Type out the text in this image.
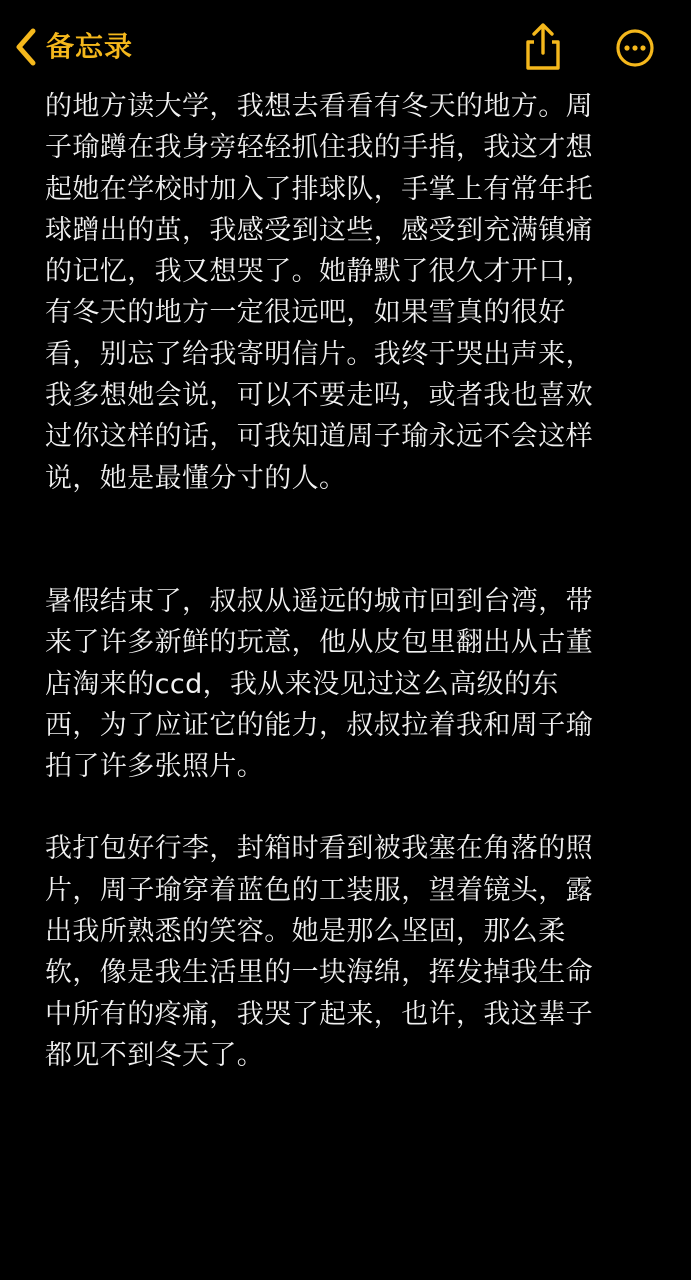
备忘录

的地方读大学，我想去看看有冬天的地方。周
子瑜蹲在我身旁轻轻抓住我的手指，我这才想
起她在学校时加入了排球队，手掌上有常年托
球蹭出的茧，我感受到这些，感受到充满镇痛
的记忆，我又想哭了。她静默了很久才开口，
有冬天的地方一定很远吧，如果雪真的很好
看，别忘了给我寄明信片。我终于哭出声来，
我多想她会说，可以不要走吗，或者我也喜欢
过你这样的话，可我知道周子瑜永远不会这样
说，她是最懂分寸的人。

暑假结束了，叔叔从遥远的城市回到台湾，带
来了许多新鲜的玩意，他从皮包里翻出从古董
店淘来的ccd，我从来没见过这么高级的东
西，为了应证它的能力，叔叔拉着我和周子瑜
拍了许多张照片。

我打包好行李，封箱时看到被我塞在角落的照
片，周子瑜穿着蓝色的工装服，望着镜头，露
出我所熟悉的笑容。她是那么坚固，那么柔
软，像是我生活里的一块海绵，挥发掉我生命
中所有的疼痛，我哭了起来，也许，我这辈子
都见不到冬天了。
